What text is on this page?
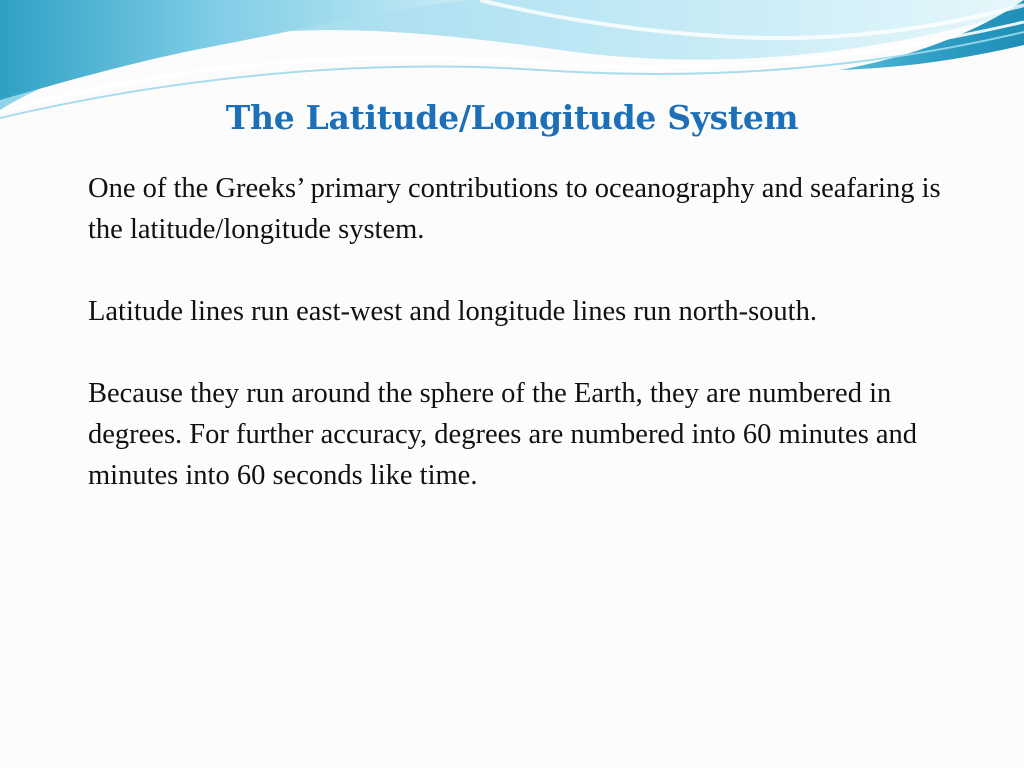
The Latitude/Longitude System

One of the Greeks’ primary contributions to oceanography and seafaring is the latitude/longitude system.

Latitude lines run east-west and longitude lines run north-south.

Because they run around the sphere of the Earth, they are numbered in degrees. For further accuracy, degrees are numbered into 60 minutes and minutes into 60 seconds like time.
